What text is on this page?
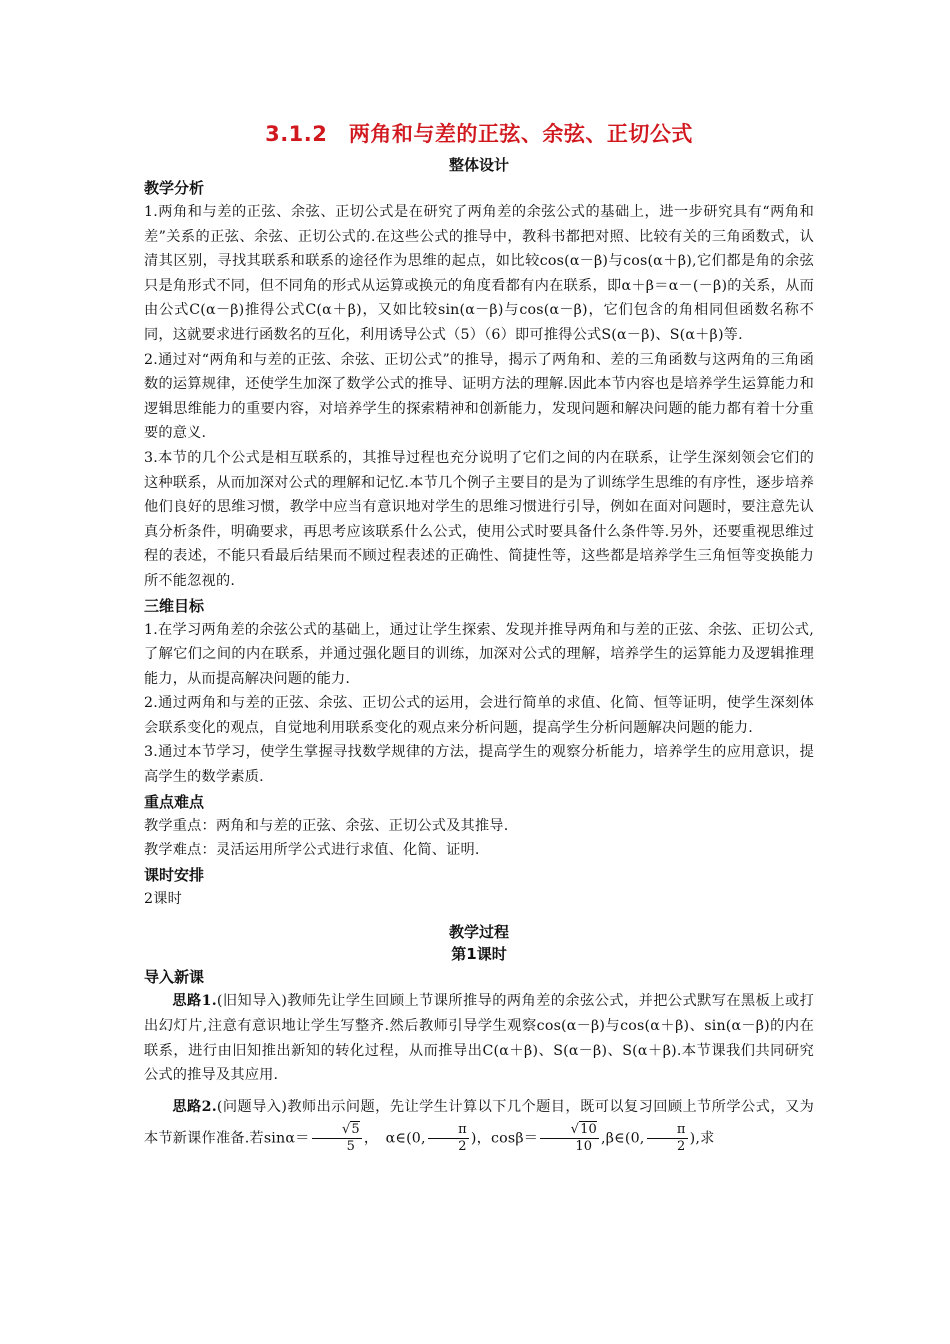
3.1.2　两角和与差的正弦、余弦、正切公式
整体设计
教学分析

1.两角和与差的正弦、余弦、正切公式是在研究了两角差的余弦公式的基础上，进一步研究具有“两角和差”关系的正弦、余弦、正切公式的.在这些公式的推导中，教科书都把对照、比较有关的三角函数式，认清其区别，寻找其联系和联系的途径作为思维的起点，如比较cos(α－β)与cos(α＋β),它们都是角的余弦只是角形式不同，但不同角的形式从运算或换元的角度看都有内在联系，即α＋β＝α－(－β)的关系，从而由公式C(α－β)推得公式C(α＋β)，又如比较sin(α－β)与cos(α－β)，它们包含的角相同但函数名称不同，这就要求进行函数名的互化，利用诱导公式（5）（6）即可推得公式S(α－β)、S(α＋β)等.

2.通过对“两角和与差的正弦、余弦、正切公式”的推导，揭示了两角和、差的三角函数与这两角的三角函数的运算规律，还使学生加深了数学公式的推导、证明方法的理解.因此本节内容也是培养学生运算能力和逻辑思维能力的重要内容，对培养学生的探索精神和创新能力，发现问题和解决问题的能力都有着十分重要的意义.

3.本节的几个公式是相互联系的，其推导过程也充分说明了它们之间的内在联系，让学生深刻领会它们的这种联系，从而加深对公式的理解和记忆.本节几个例子主要目的是为了训练学生思维的有序性，逐步培养他们良好的思维习惯，教学中应当有意识地对学生的思维习惯进行引导，例如在面对问题时，要注意先认真分析条件，明确要求，再思考应该联系什么公式，使用公式时要具备什么条件等.另外，还要重视思维过程的表述，不能只看最后结果而不顾过程表述的正确性、简捷性等，这些都是培养学生三角恒等变换能力所不能忽视的.

三维目标

1.在学习两角差的余弦公式的基础上，通过让学生探索、发现并推导两角和与差的正弦、余弦、正切公式,了解它们之间的内在联系，并通过强化题目的训练，加深对公式的理解，培养学生的运算能力及逻辑推理能力，从而提高解决问题的能力.

2.通过两角和与差的正弦、余弦、正切公式的运用，会进行简单的求值、化简、恒等证明，使学生深刻体会联系变化的观点，自觉地利用联系变化的观点来分析问题，提高学生分析问题解决问题的能力.

3.通过本节学习，使学生掌握寻找数学规律的方法，提高学生的观察分析能力，培养学生的应用意识，提高学生的数学素质.

重点难点

教学重点：两角和与差的正弦、余弦、正切公式及其推导.

教学难点：灵活运用所学公式进行求值、化简、证明.

课时安排

2课时

教学过程
第1课时
导入新课

思路1.(旧知导入)教师先让学生回顾上节课所推导的两角差的余弦公式，并把公式默写在黑板上或打出幻灯片,注意有意识地让学生写整齐.然后教师引导学生观察cos(α－β)与cos(α＋β)、sin(α－β)的内在联系，进行由旧知推出新知的转化过程，从而推导出C(α＋β)、S(α－β)、S(α＋β).本节课我们共同研究公式的推导及其应用.

思路2.(问题导入)教师出示问题，先让学生计算以下几个题目，既可以复习回顾上节所学公式，又为本节新课作准备.若$\sin\alpha= \frac{√5}{5}$ ，　α∈(0, $\frac{\pi}{2}$ )，$\cos\beta= \frac{√10}{10}$ ,β∈(0, $\frac{\pi}{2}$ ),求
